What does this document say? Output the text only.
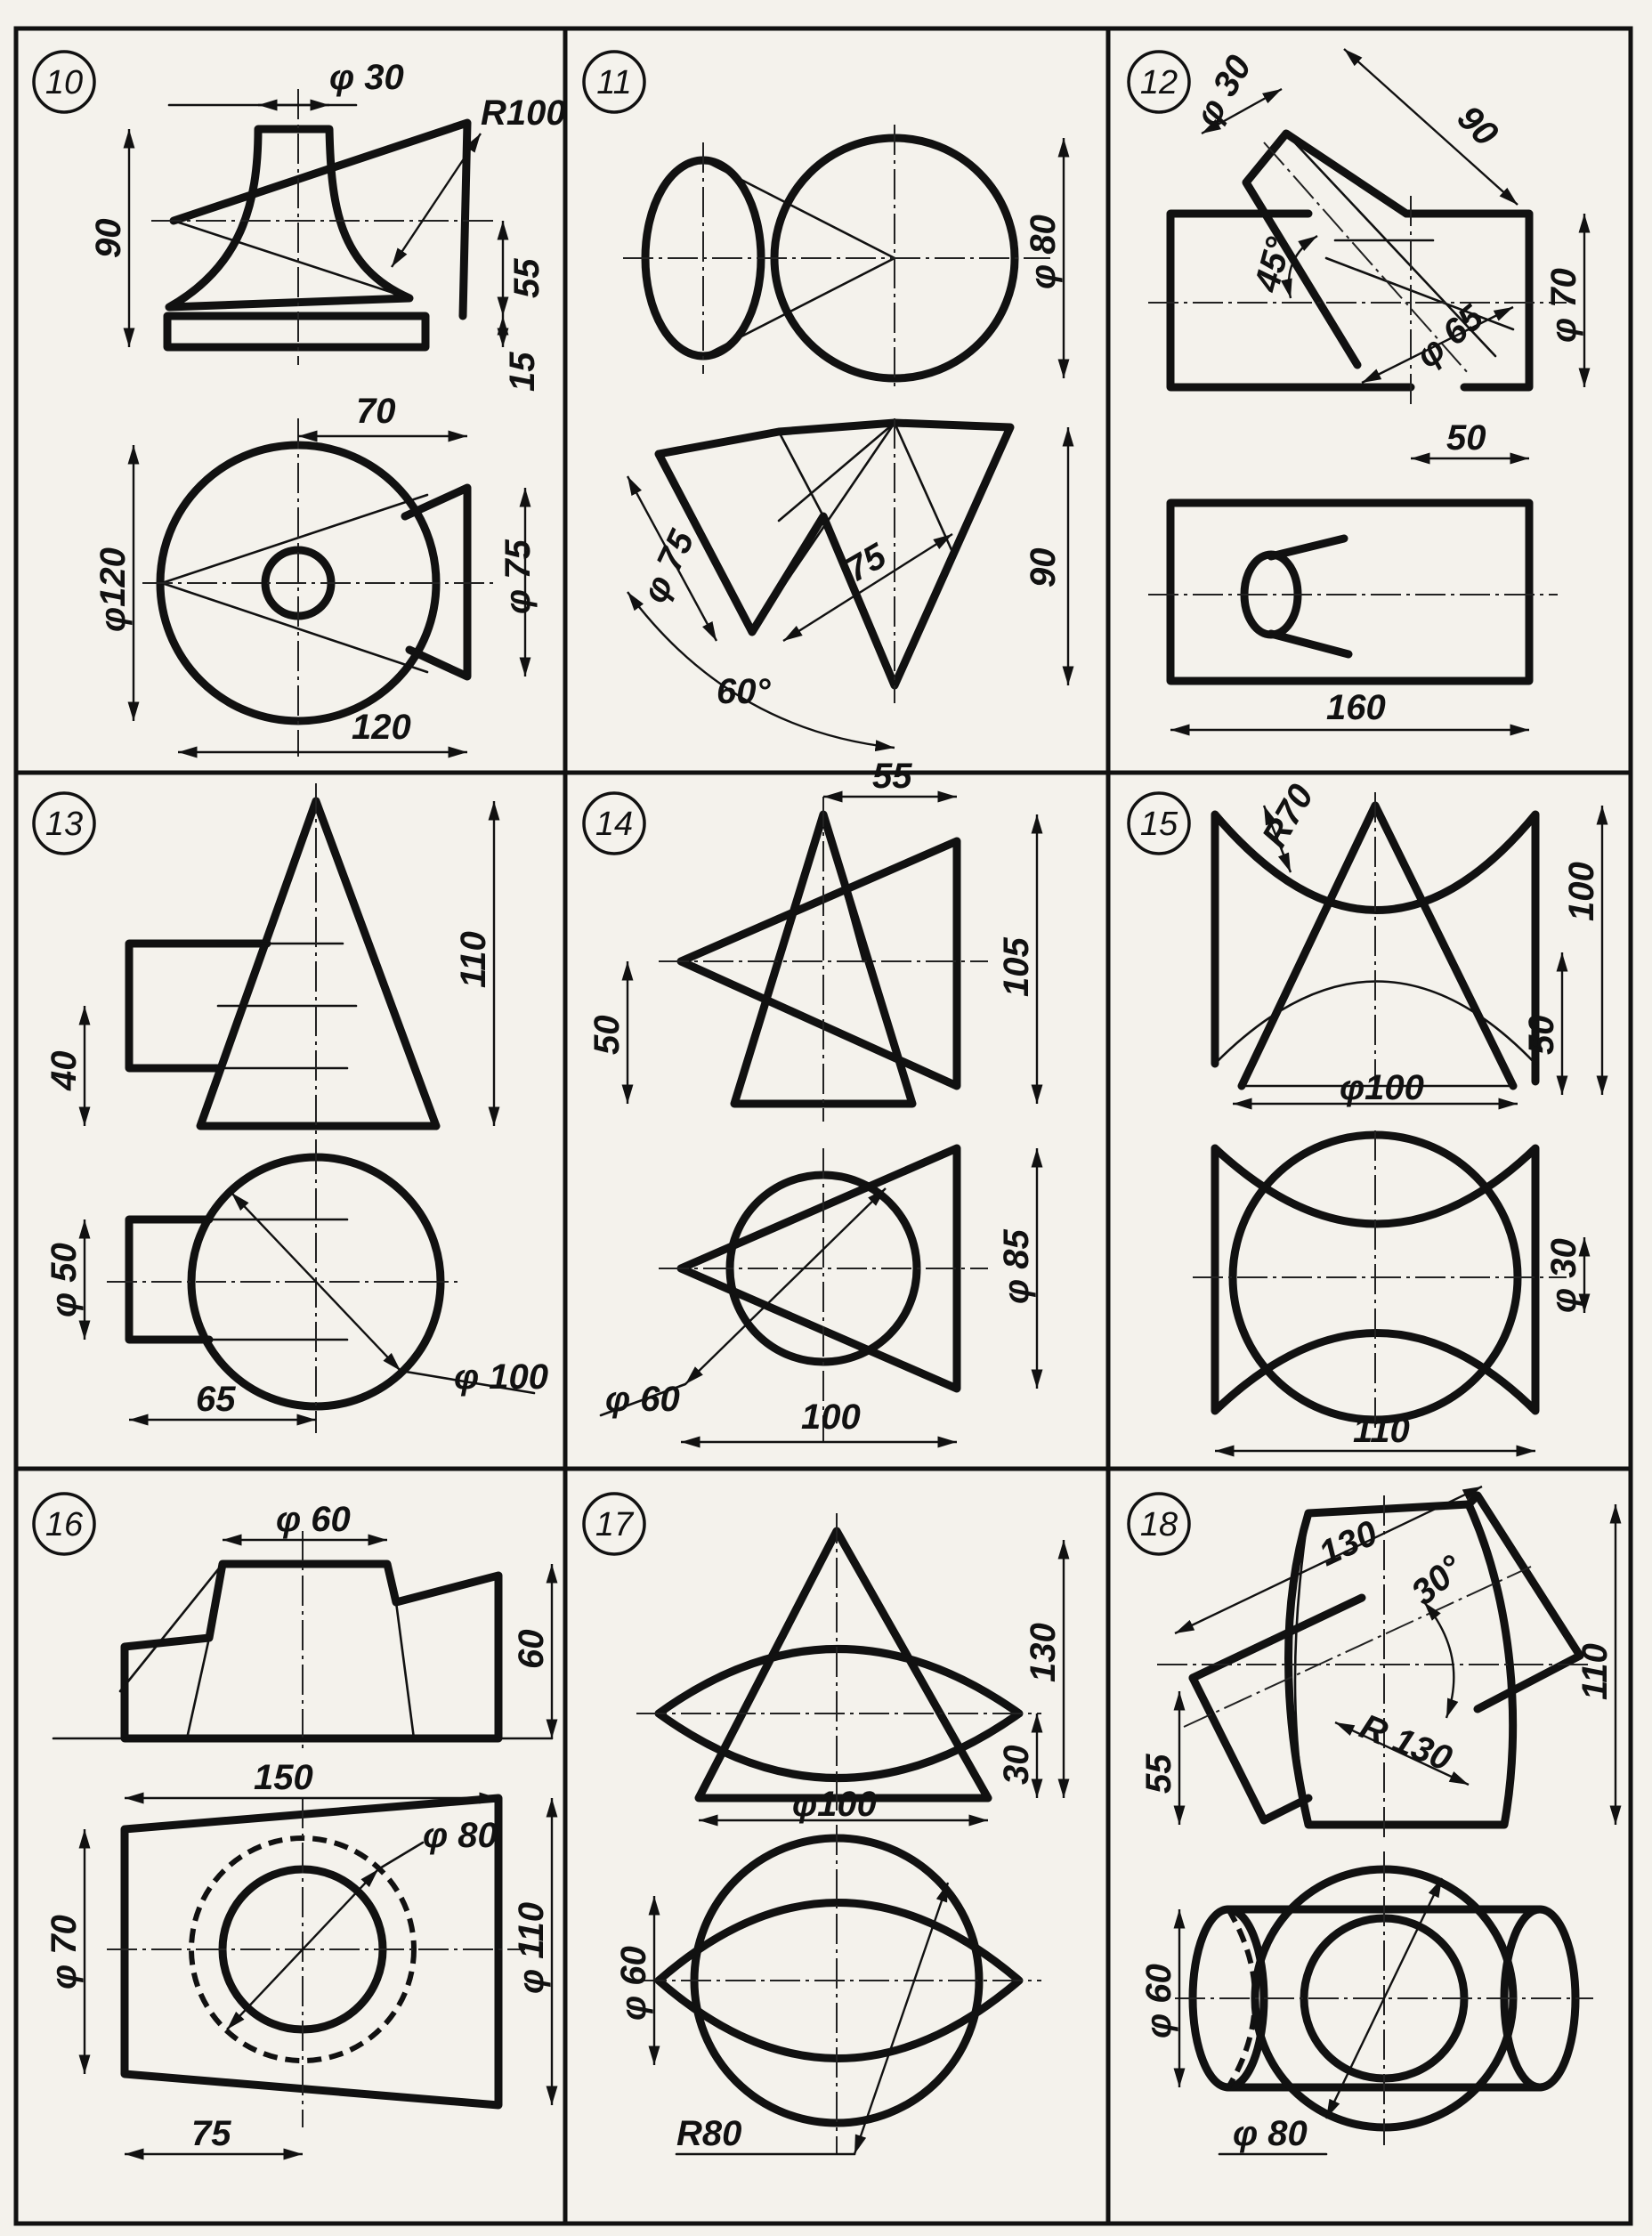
10	φ 30
R100
90
55
15
70
φ120	φ 75
120
11
φ 80
90
φ 75	75
60°
12
φ 70
90
φ 30
45°
φ 65
50
160
13
110
40
φ 50
φ 100
65
14
55
105
50
φ 85
φ 60	100
15
100
50
φ100
R70
φ 30
110
16	φ 60
60
150
φ 80
φ 70	φ 110
75
17
130
30
φ100
φ 60
R80
18
110
55
130
30°
R 130
φ 60
φ 80
